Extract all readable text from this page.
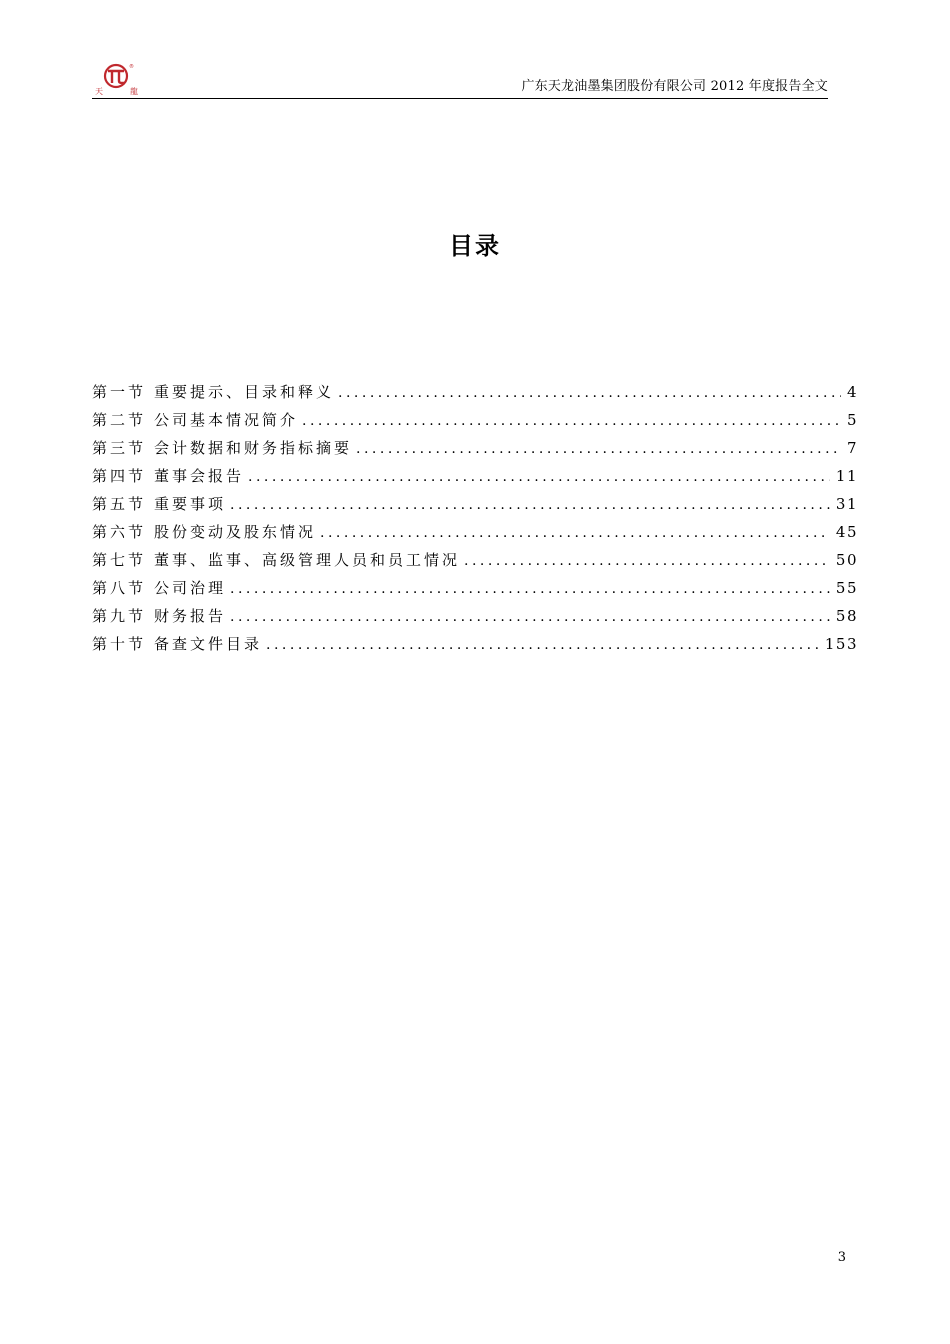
®
天	龍	广东天龙油墨集团股份有限公司 2012 年度报告全文
目录
第一节 重要提示、目录和释义 .....	4
第二节 公司基本情况简介 .....	5
第三节 会计数据和财务指标摘要 .....	7
第四节 董事会报告 .....	11
第五节 重要事项 .....	31
第六节 股份变动及股东情况 .....	45
第七节 董事、监事、高级管理人员和员工情况 .....	50
第八节 公司治理 .....	55
第九节 财务报告 .....	58
第十节 备查文件目录 .....	153
3
